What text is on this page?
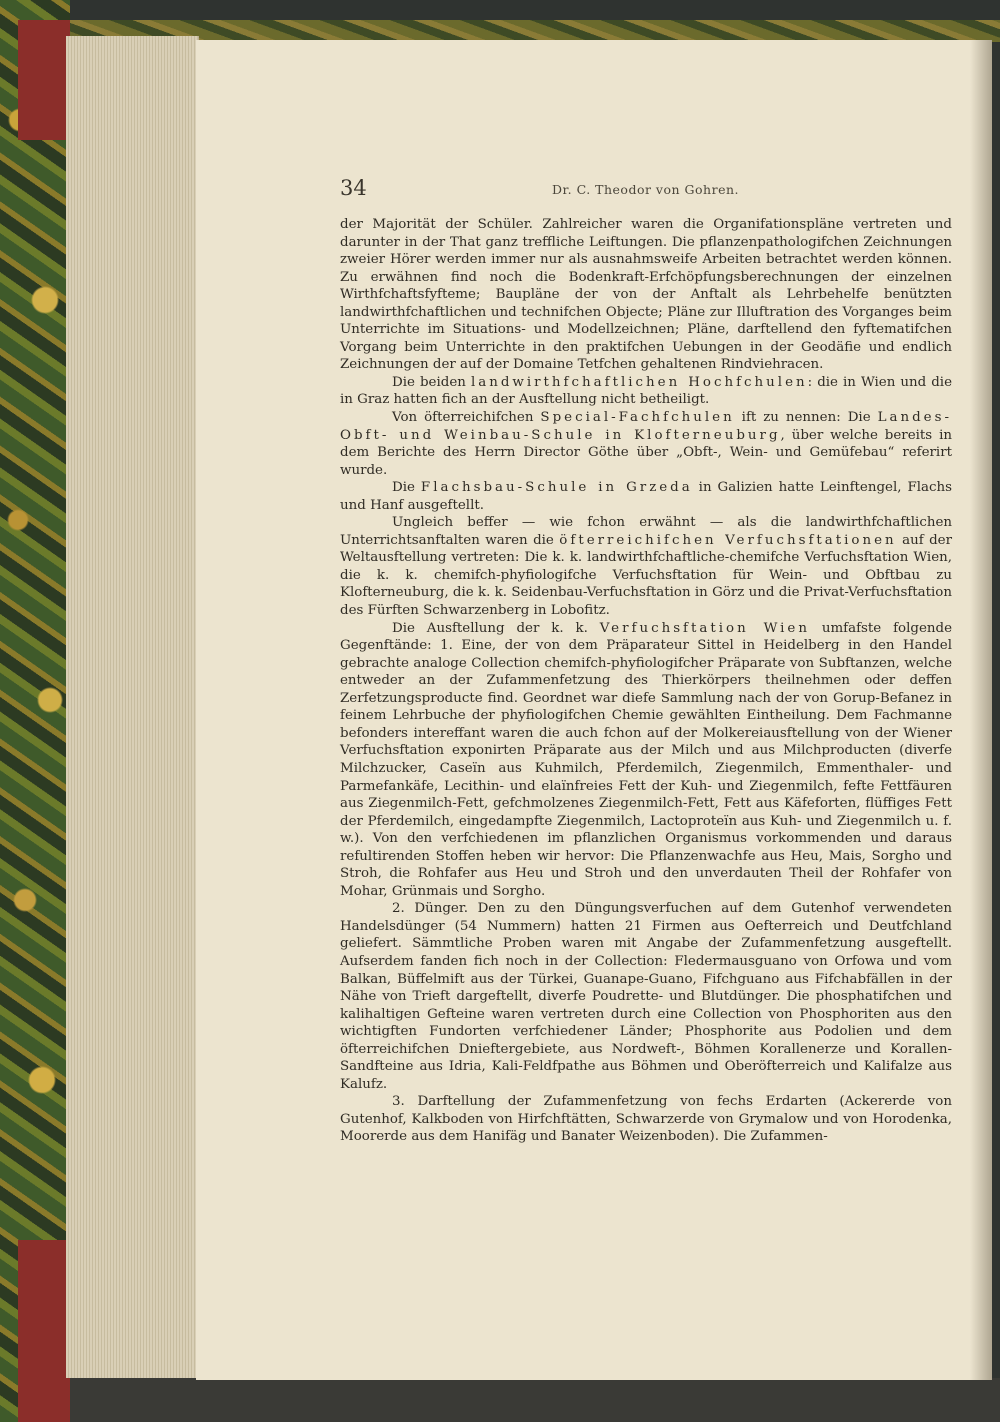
34	Dr. C. Theodor von Gohren.

der Majorität der Schüler. Zahlreicher waren die Organifationspläne vertreten und darunter in der That ganz treffliche Leiftungen. Die pflanzenpathologifchen Zeichnungen zweier Hörer werden immer nur als ausnahmsweife Arbeiten betrachtet werden können. Zu erwähnen find noch die Bodenkraft-Erfchöpfungsberechnungen der einzelnen Wirthfchaftsfyfteme; Baupläne der von der Anftalt als Lehrbehelfe benützten landwirthfchaftlichen und technifchen Objecte; Pläne zur Illuftration des Vorganges beim Unterrichte im Situations- und Modellzeichnen; Pläne, darftellend den fyftematifchen Vorgang beim Unterrichte in den praktifchen Uebungen in der Geodäfie und endlich Zeichnungen der auf der Domaine Tetfchen gehaltenen Rindviehracen.

Die beiden landwirthfchaftlichen Hochfchulen: die in Wien und die in Graz hatten fich an der Ausftellung nicht betheiligt.

Von öfterreichifchen Special-Fachfchulen ift zu nennen: Die Landes-Obft- und Weinbau-Schule in Klofterneuburg, über welche bereits in dem Berichte des Herrn Director Göthe über „Obft-, Wein- und Gemüfebau“ referirt wurde.

Die Flachsbau-Schule in Grzeda in Galizien hatte Leinftengel, Flachs und Hanf ausgeftellt.

Ungleich beffer — wie fchon erwähnt — als die landwirthfchaftlichen Unterrichtsanftalten waren die öfterreichifchen Verfuchsftationen auf der Weltausftellung vertreten: Die k. k. landwirthfchaftliche-chemifche Verfuchsftation Wien, die k. k. chemifch-phyfiologifche Verfuchsftation für Wein- und Obftbau zu Klofterneuburg, die k. k. Seidenbau-Verfuchsftation in Görz und die Privat-Verfuchsftation des Fürften Schwarzenberg in Lobofitz.

Die Ausftellung der k. k. Verfuchsftation Wien umfafste folgende Gegenftände: 1. Eine, der von dem Präparateur Sittel in Heidelberg in den Handel gebrachte analoge Collection chemifch-phyfiologifcher Präparate von Subftanzen, welche entweder an der Zufammenfetzung des Thierkörpers theilnehmen oder deffen Zerfetzungsproducte find. Geordnet war diefe Sammlung nach der von Gorup-Befanez in feinem Lehrbuche der phyfiologifchen Chemie gewählten Eintheilung. Dem Fachmanne befonders intereffant waren die auch fchon auf der Molkereiausftellung von der Wiener Verfuchsftation exponirten Präparate aus der Milch und aus Milchproducten (diverfe Milchzucker, Caseïn aus Kuhmilch, Pferdemilch, Ziegenmilch, Emmenthaler- und Parmefankäfe, Lecithin- und elaïnfreies Fett der Kuh- und Ziegenmilch, fefte Fettfäuren aus Ziegenmilch-Fett, gefchmolzenes Ziegenmilch-Fett, Fett aus Käfeforten, flüffiges Fett der Pferdemilch, eingedampfte Ziegenmilch, Lactoproteïn aus Kuh- und Ziegenmilch u. f. w.). Von den verfchiedenen im pflanzlichen Organismus vorkommenden und daraus refultirenden Stoffen heben wir hervor: Die Pflanzenwachfe aus Heu, Mais, Sorgho und Stroh, die Rohfafer aus Heu und Stroh und den unverdauten Theil der Rohfafer von Mohar, Grünmais und Sorgho.

2. Dünger. Den zu den Düngungsverfuchen auf dem Gutenhof verwendeten Handelsdünger (54 Nummern) hatten 21 Firmen aus Oefterreich und Deutfchland geliefert. Sämmtliche Proben waren mit Angabe der Zufammenfetzung ausgeftellt. Aufserdem fanden fich noch in der Collection: Fledermausguano von Orfowa und vom Balkan, Büffelmift aus der Türkei, Guanape-Guano, Fifchguano aus Fifchabfällen in der Nähe von Trieft dargeftellt, diverfe Poudrette- und Blutdünger. Die phosphatifchen und kalihaltigen Gefteine waren vertreten durch eine Collection von Phosphoriten aus den wichtigften Fundorten verfchiedener Länder; Phosphorite aus Podolien und dem öfterreichifchen Dnieftergebiete, aus Nordweft-, Böhmen Korallenerze und Korallen-Sandfteine aus Idria, Kali-Feldfpathe aus Böhmen und Oberöfterreich und Kalifalze aus Kalufz.

3. Darftellung der Zufammenfetzung von fechs Erdarten (Ackererde von Gutenhof, Kalkboden von Hirfchftätten, Schwarzerde von Grymalow und von Horodenka, Moorerde aus dem Hanifäg und Banater Weizenboden). Die Zufammen-
